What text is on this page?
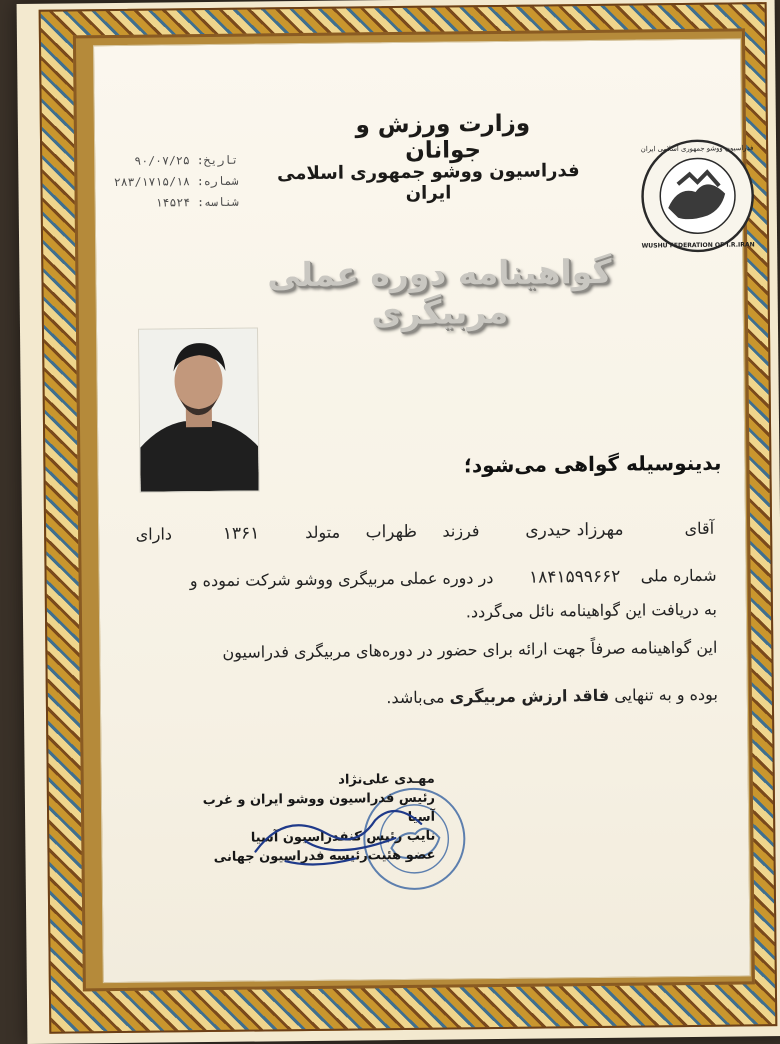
وزارت ورزش و جوانان
فدراسیون ووشو جمهوری اسلامی ایران
تاریخ: ۹۰/۰۷/۲۵
شماره: ۲۸۳/۱۷۱۵/۱۸
شناسه: ۱۴۵۲۴
فدراسیون ووشو جمهوری اسلامی ایران
WUSHU FEDERATION OF I.R.IRAN
گواهینامه دوره عملی مربیگری
بدینوسیله گواهی می‌شود؛
آقای            مهرزاد حیدری         فرزند     ظهراب     متولد         ۱۳۶۱          دارای
شماره ملی    ۱۸۴۱۵۹۹۶۶۲       در دوره عملی مربیگری ووشو شرکت نموده و
به دریافت این گواهینامه نائل می‌گردد.
این گواهینامه صرفاً جهت ارائه برای حضور در دوره‌های مربیگری فدراسیون
بوده و به تنهایی فاقد ارزش مربیگری می‌باشد.
مهـدی علی‌نژاد
رئیس فدراسیون ووشو ایران و غرب آسیا
نایب رئیس کنفدراسیون آسیا
عضو هئیت‌رئیسه فدراسیون جهانی
